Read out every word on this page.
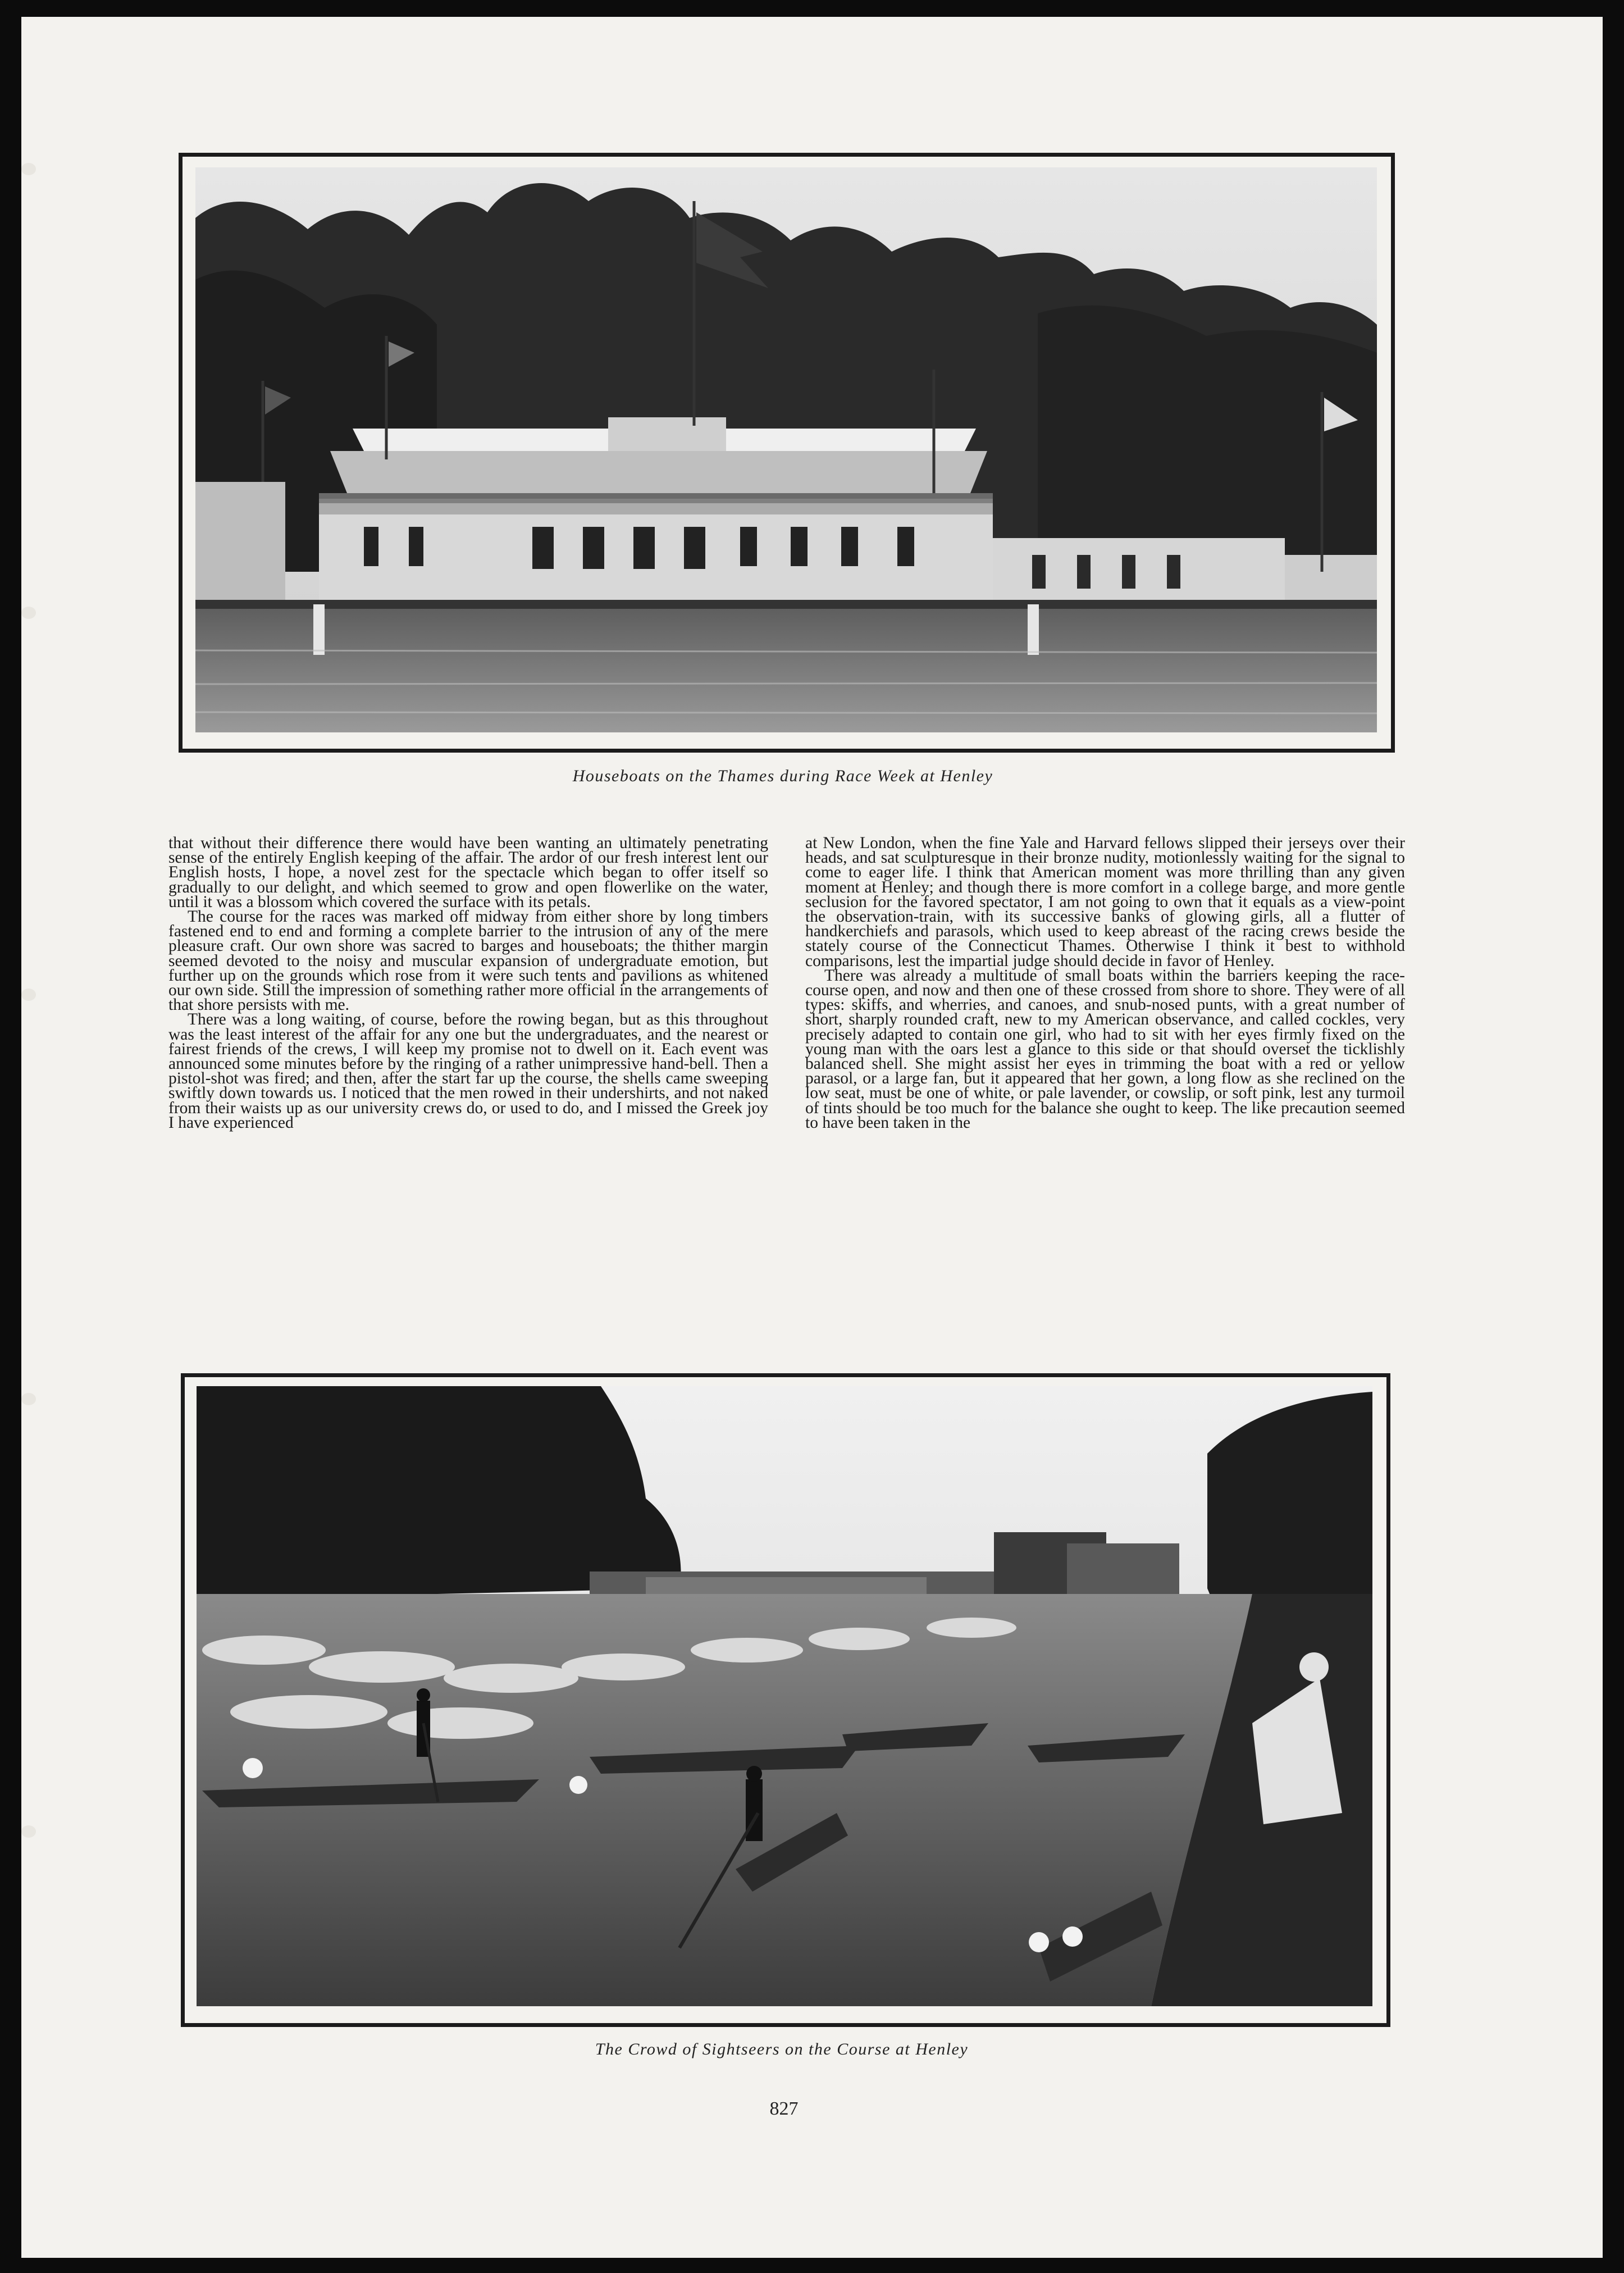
Houseboats on the Thames during Race Week at Henley

that without their difference there would have been wanting an ultimately penetrating sense of the entirely English keeping of the affair. The ardor of our fresh interest lent our English hosts, I hope, a novel zest for the spectacle which began to offer itself so gradually to our delight, and which seemed to grow and open flowerlike on the water, until it was a blossom which covered the surface with its petals.

The course for the races was marked off midway from either shore by long timbers fastened end to end and forming a complete barrier to the intrusion of any of the mere pleasure craft. Our own shore was sacred to barges and houseboats; the thither margin seemed devoted to the noisy and muscular expansion of undergraduate emotion, but further up on the grounds which rose from it were such tents and pavilions as whitened our own side. Still the impression of something rather more official in the arrangements of that shore persists with me.

There was a long waiting, of course, before the rowing began, but as this throughout was the least interest of the affair for any one but the undergraduates, and the nearest or fairest friends of the crews, I will keep my promise not to dwell on it. Each event was announced some minutes before by the ringing of a rather unimpressive hand-bell. Then a pistol-shot was fired; and then, after the start far up the course, the shells came sweeping swiftly down towards us. I noticed that the men rowed in their undershirts, and not naked from their waists up as our university crews do, or used to do, and I missed the Greek joy I have experienced

at New London, when the fine Yale and Harvard fellows slipped their jerseys over their heads, and sat sculpturesque in their bronze nudity, motionlessly waiting for the signal to come to eager life. I think that American moment was more thrilling than any given moment at Henley; and though there is more comfort in a college barge, and more gentle seclusion for the favored spectator, I am not going to own that it equals as a view-point the observation-train, with its successive banks of glowing girls, all a flutter of handkerchiefs and parasols, which used to keep abreast of the racing crews beside the stately course of the Connecticut Thames. Otherwise I think it best to withhold comparisons, lest the impartial judge should decide in favor of Henley.

There was already a multitude of small boats within the barriers keeping the race-course open, and now and then one of these crossed from shore to shore. They were of all types: skiffs, and wherries, and canoes, and snub-nosed punts, with a great number of short, sharply rounded craft, new to my American observance, and called cockles, very precisely adapted to contain one girl, who had to sit with her eyes firmly fixed on the young man with the oars lest a glance to this side or that should overset the ticklishly balanced shell. She might assist her eyes in trimming the boat with a red or yellow parasol, or a large fan, but it appeared that her gown, a long flow as she reclined on the low seat, must be one of white, or pale lavender, or cowslip, or soft pink, lest any turmoil of tints should be too much for the balance she ought to keep. The like precaution seemed to have been taken in the

The Crowd of Sightseers on the Course at Henley
827
